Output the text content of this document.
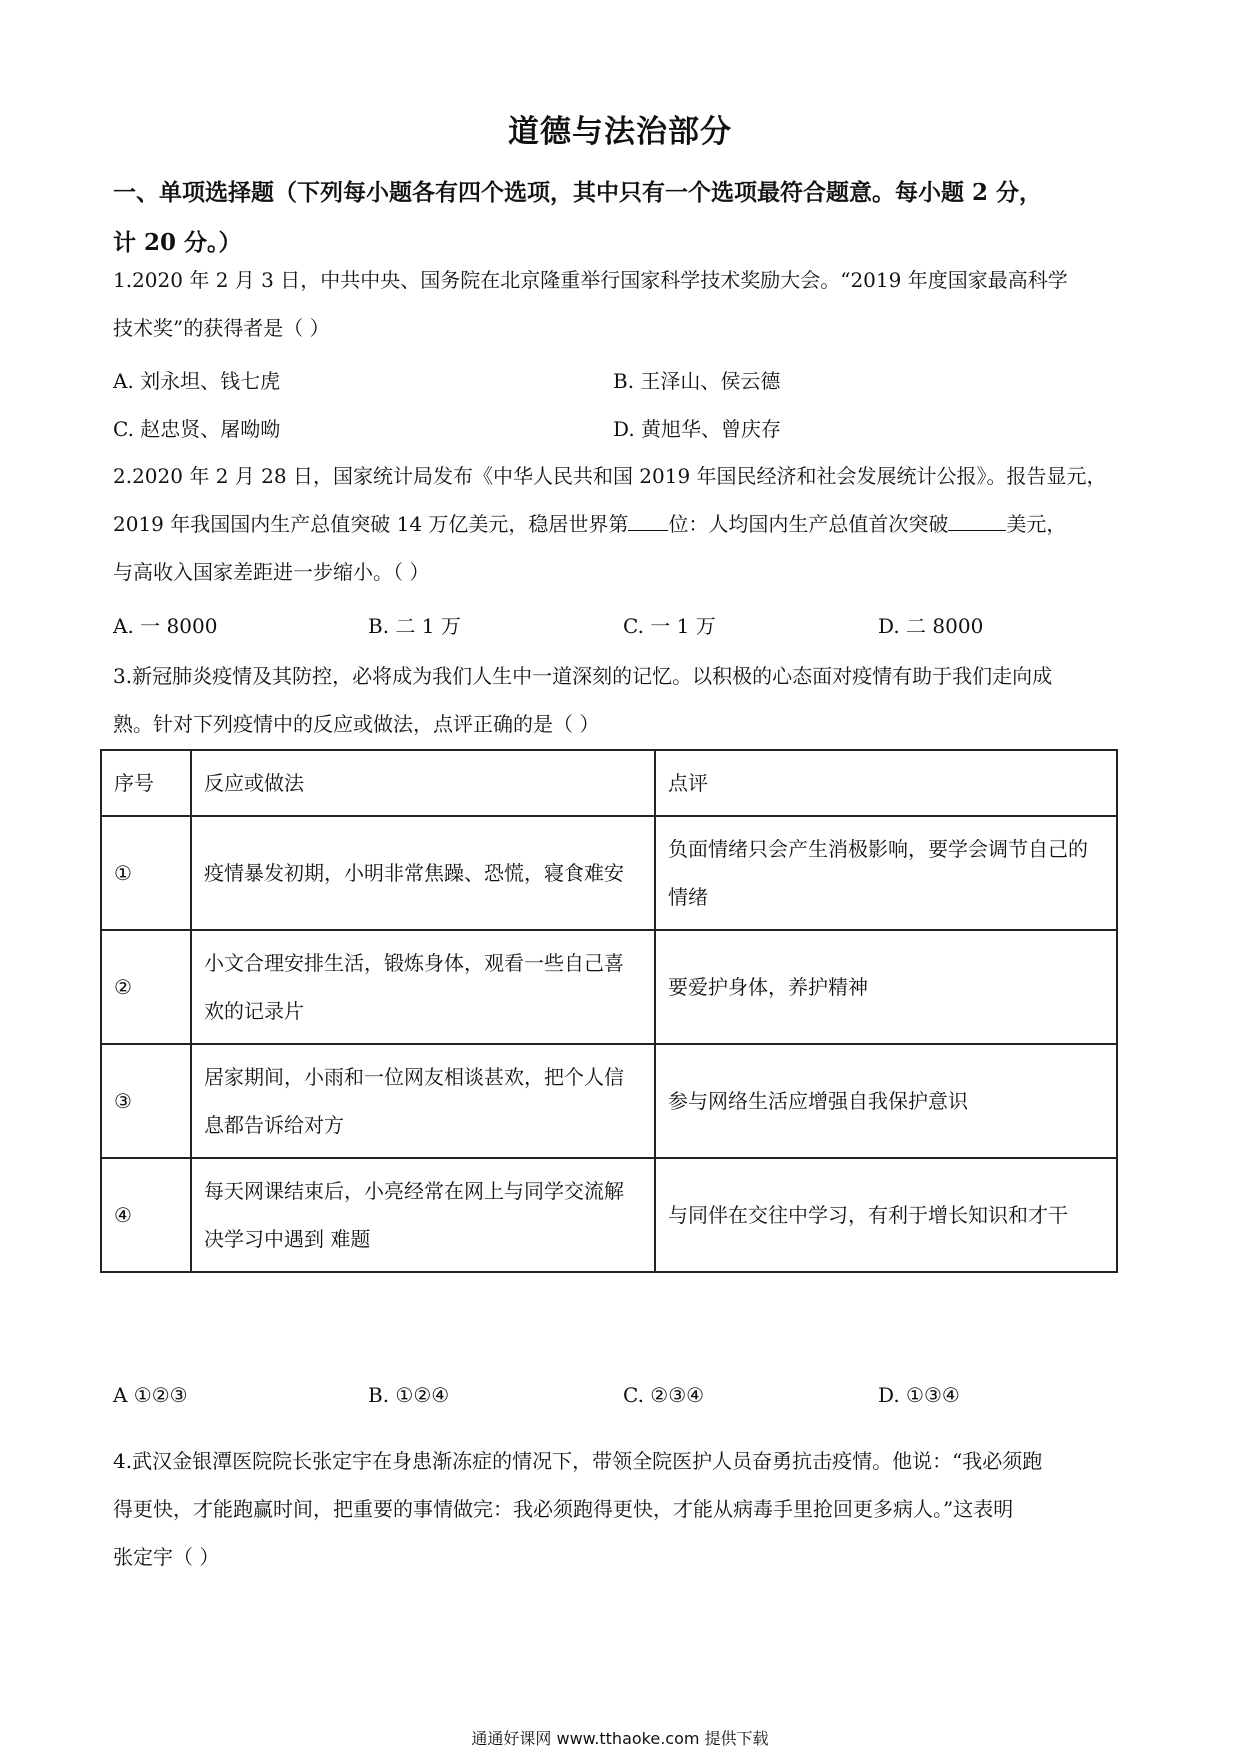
道德与法治部分
一、单项选择题（下列每小题各有四个选项，其中只有一个选项最符合题意。每小题 2 分，
计 20 分。）
1.2020 年 2 月 3 日，中共中央、国务院在北京隆重举行国家科学技术奖励大会。“2019 年度国家最高科学
技术奖”的获得者是（ ）
A. 刘永坦、钱七虎	B. 王泽山、侯云德
C. 赵忠贤、屠呦呦	D. 黄旭华、曾庆存
2.2020 年 2 月 28 日，国家统计局发布《中华人民共和国 2019 年国民经济和社会发展统计公报》。报告显元，
2019 年我国国内生产总值突破 14 万亿美元，稳居世界第 位：人均国内生产总值首次突破	美元，
与高收入国家差距进一步缩小。（ ）
A. 一 8000	B. 二 1 万	C. 一 1 万	D. 二 8000
3.新冠肺炎疫情及其防控，必将成为我们人生中一道深刻的记忆。以积极的心态面对疫情有助于我们走向成
熟。针对下列疫情中的反应或做法，点评正确的是（ ）
序号	反应或做法	点评
①	疫情暴发初期，小明非常焦躁、恐慌，寝食难安	负面情绪只会产生消极影响，要学会调节自己的情绪
②	小文合理安排生活，锻炼身体，观看一些自己喜欢的记录片	要爱护身体，养护精神
③	居家期间，小雨和一位网友相谈甚欢，把个人信息都告诉给对方	参与网络生活应增强自我保护意识
④	每天网课结束后，小亮经常在网上与同学交流解决学习中遇到 难题	与同伴在交往中学习，有利于增长知识和才干
A ①②③	B. ①②④	C. ②③④	D. ①③④
4.武汉金银潭医院院长张定宇在身患渐冻症的情况下，带领全院医护人员奋勇抗击疫情。他说：“我必须跑
得更快，才能跑赢时间，把重要的事情做完：我必须跑得更快，才能从病毒手里抢回更多病人。”这表明
张定宇（ ）
通通好课网 www.tthaoke.com 提供下载
